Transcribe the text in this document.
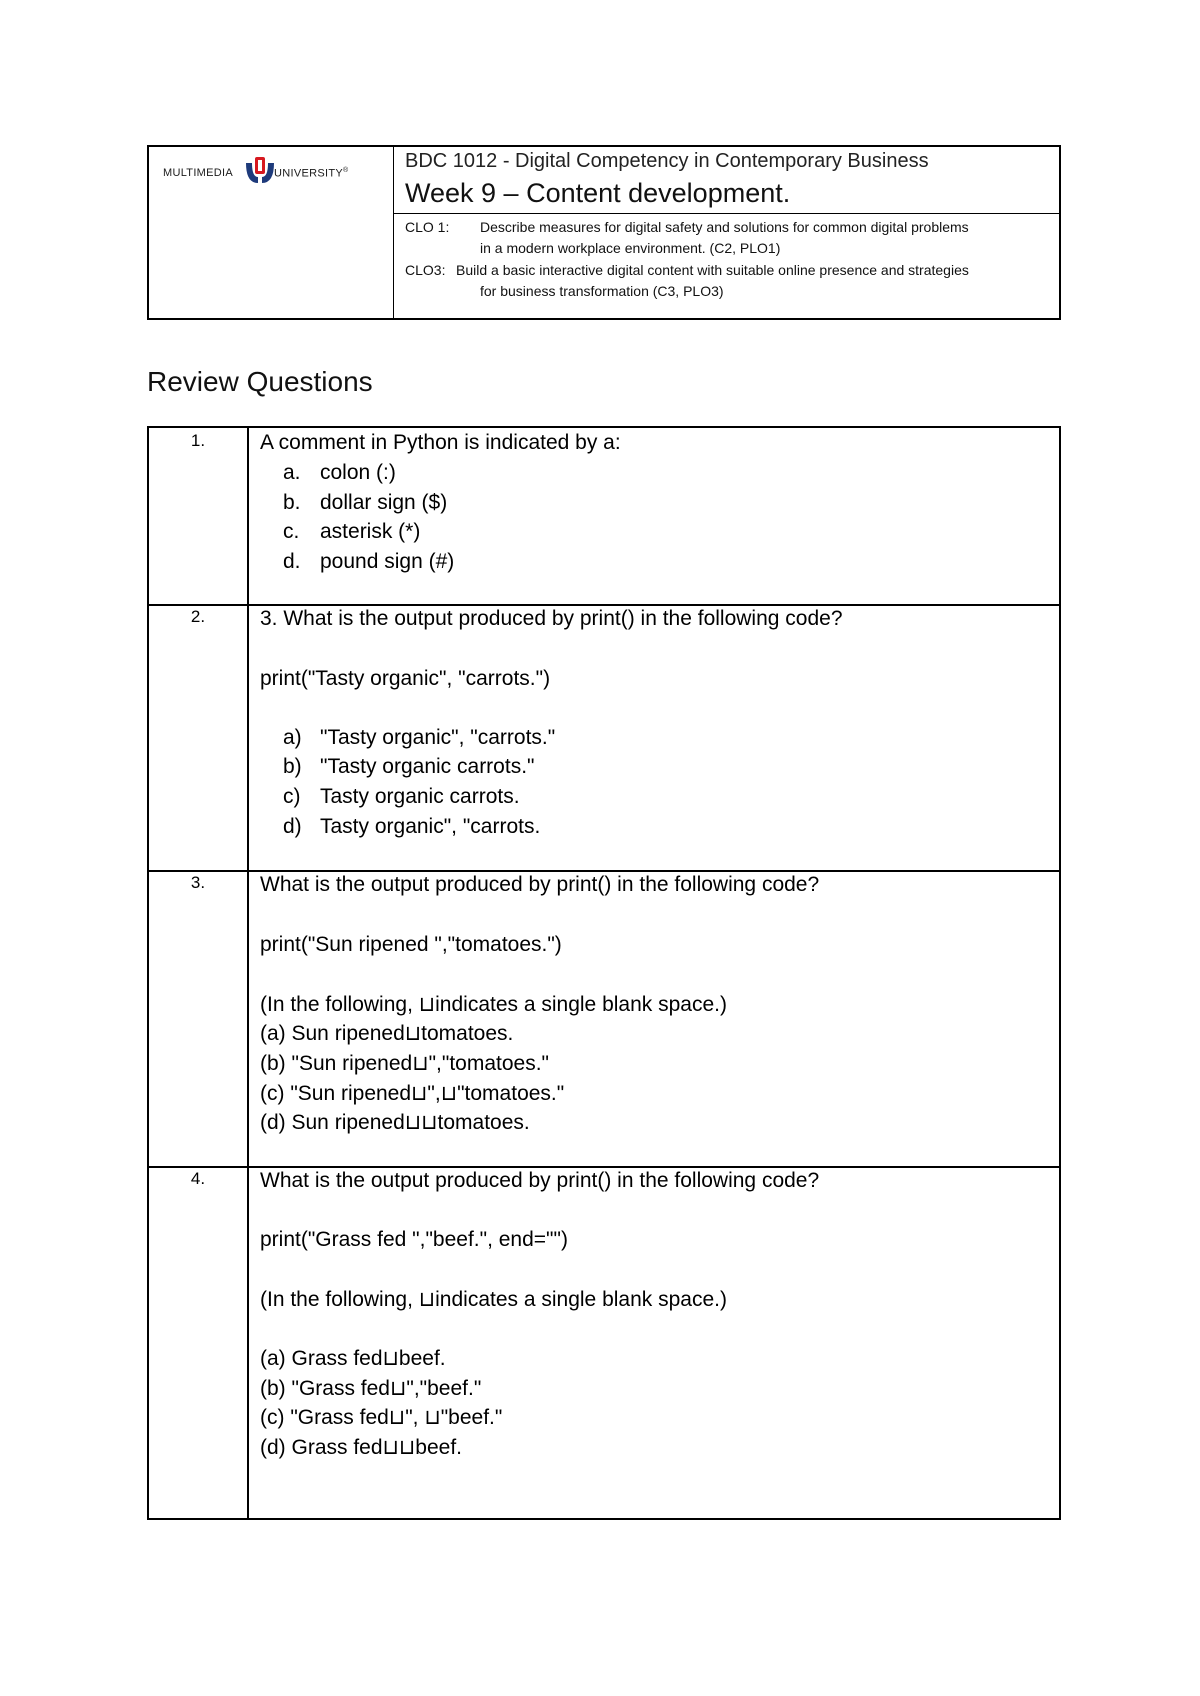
MULTIMEDIA	UNIVERSITY®	BDC 1012 - Digital Competency in Contemporary Business
Week 9 – Content development.
CLO 1: Describe measures for digital safety and solutions for common digital problems
in a modern workplace environment. (C2, PLO1)
CLO3: Build a basic interactive digital content with suitable online presence and strategies
for business transformation (C3, PLO3)
Review Questions
1.	A comment in Python is indicated by a:
a. colon (:)
b. dollar sign ($)
c. asterisk (*)
d. pound sign (#)
2.	3. What is the output produced by print() in the following code?
print("Tasty organic", "carrots.")
a) "Tasty organic", "carrots."
b) "Tasty organic carrots."
c) Tasty organic carrots.
d) Tasty organic", "carrots.
3.	What is the output produced by print() in the following code?
print("Sun ripened ","tomatoes.")
(In the following, ⊔indicates a single blank space.)
(a) Sun ripened⊔tomatoes.
(b) "Sun ripened⊔","tomatoes."
(c) "Sun ripened⊔",⊔"tomatoes."
(d) Sun ripened⊔⊔tomatoes.
4.	What is the output produced by print() in the following code?
print("Grass fed ","beef.", end="")
(In the following, ⊔indicates a single blank space.)
(a) Grass fed⊔beef.
(b) "Grass fed⊔","beef."
(c) "Grass fed⊔", ⊔"beef."
(d) Grass fed⊔⊔beef.
